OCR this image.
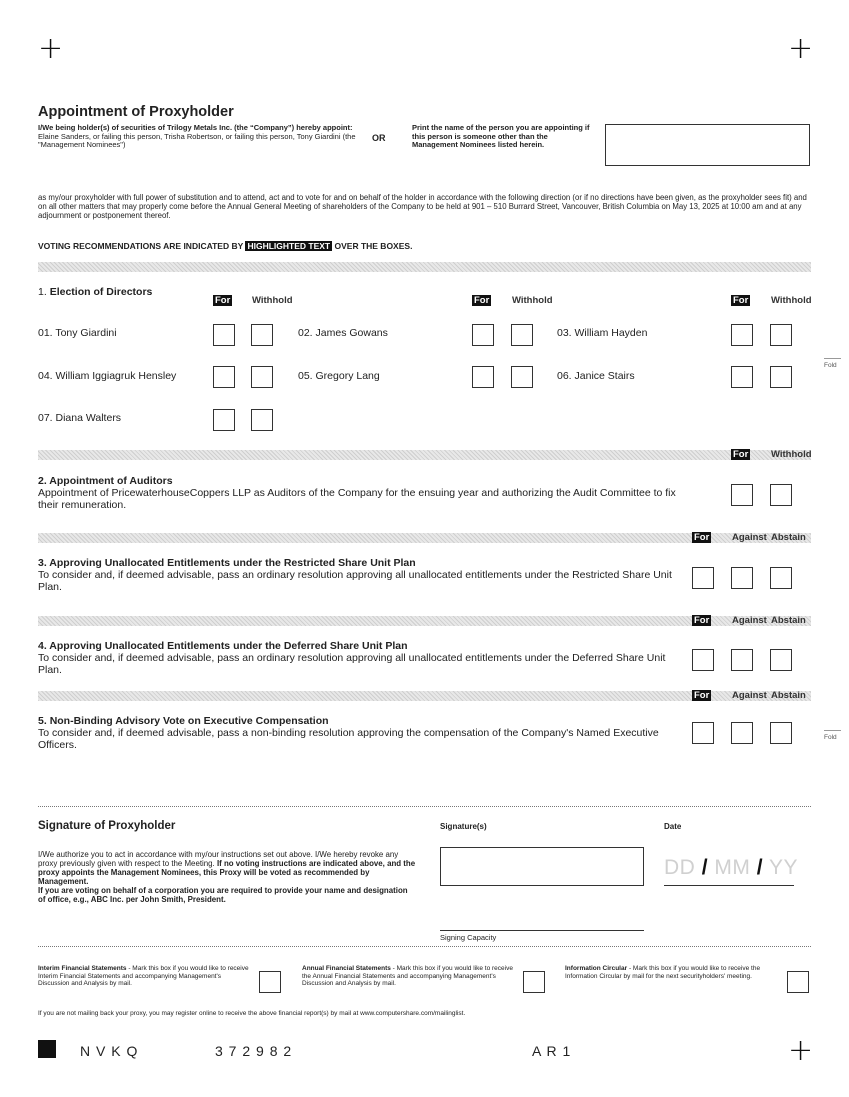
+	+
Appointment of Proxyholder
I/We being holder(s) of securities of Trilogy Metals Inc. (the “Company”) hereby appoint: Elaine Sanders, or failing this person, Trisha Robertson, or failing this person, Tony Giardini (the "Management Nominees")
OR
Print the name of the person you are appointing if this person is someone other than the Management Nominees listed herein.
as my/our proxyholder with full power of substitution and to attend, act and to vote for and on behalf of the holder in accordance with the following direction (or if no directions have been given, as the proxyholder sees fit) and on all other matters that may properly come before the Annual General Meeting of shareholders of the Company to be held at 901 – 510 Burrard Street, Vancouver, British Columbia on May 13, 2025 at 10:00 am and at any adjournment or postponement thereof.
VOTING RECOMMENDATIONS ARE INDICATED BY HIGHLIGHTED TEXT OVER THE BOXES.
1. Election of Directors
For Withhold	For Withhold	For Withhold
01. Tony Giardini	02. James Gowans	03. William Hayden
04. William Iggiagruk Hensley	05. Gregory Lang	06. Janice Stairs
07. Diana Walters
Fold
For Withhold
2. Appointment of Auditors
Appointment of PricewaterhouseCoppers LLP as Auditors of the Company for the ensuing year and authorizing the Audit Committee to fix their remuneration.
For Against Abstain
3. Approving Unallocated Entitlements under the Restricted Share Unit Plan
To consider and, if deemed advisable, pass an ordinary resolution approving all unallocated entitlements under the Restricted Share Unit Plan.
For Against Abstain
4. Approving Unallocated Entitlements under the Deferred Share Unit Plan
To consider and, if deemed advisable, pass an ordinary resolution approving all unallocated entitlements under the Deferred Share Unit Plan.
For Against Abstain
5. Non-Binding Advisory Vote on Executive Compensation
To consider and, if deemed advisable, pass a non-binding resolution approving the compensation of the Company's Named Executive Officers.
Fold
Signature of Proxyholder
I/We authorize you to act in accordance with my/our instructions set out above. I/We hereby revoke any proxy previously given with respect to the Meeting. If no voting instructions are indicated above, and the proxy appoints the Management Nominees, this Proxy will be voted as recommended by Management.
If you are voting on behalf of a corporation you are required to provide your name and designation of office, e.g., ABC Inc. per John Smith, President.
Signature(s)	Date
DD / MM / YY
Signing Capacity
Interim Financial Statements - Mark this box if you would like to receive Interim Financial Statements and accompanying Management's Discussion and Analysis by mail.
Annual Financial Statements - Mark this box if you would like to receive the Annual Financial Statements and accompanying Management's Discussion and Analysis by mail.
Information Circular - Mark this box if you would like to receive the Information Circular by mail for the next securityholders' meeting.
If you are not mailing back your proxy, you may register online to receive the above financial report(s) by mail at www.computershare.com/mailinglist.
N V K Q	3 7 2 9 8 2	A R 1	+
